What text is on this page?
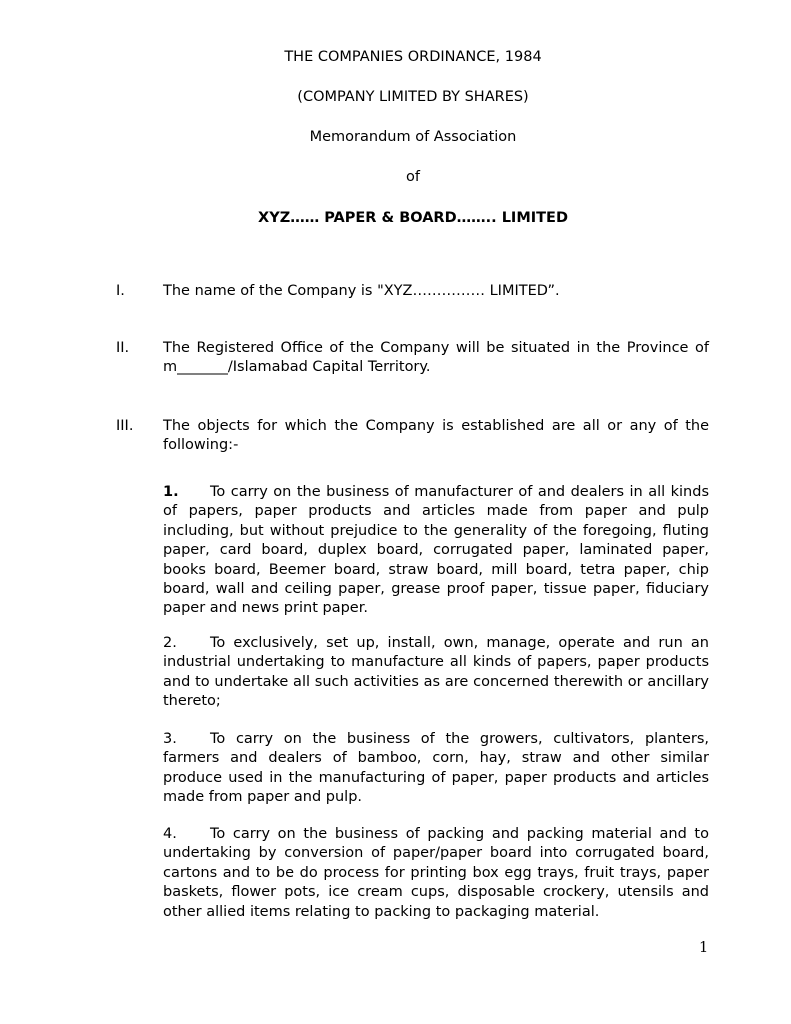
THE COMPANIES ORDINANCE, 1984
(COMPANY LIMITED BY SHARES)
Memorandum of Association
of
XYZ…… PAPER & BOARD…….. LIMITED
I.	The name of the Company is "XYZ…………… LIMITED”.
II. The Registered Office of the Company will be situated in the Province of m_______/Islamabad Capital Territory.
III. The objects for which the Company is established are all or any of the following:-
1. To carry on the business of manufacturer of and dealers in all kinds of papers, paper products and articles made from paper and pulp including, but without prejudice to the generality of the foregoing, fluting paper, card board, duplex board, corrugated paper, laminated paper, books board, Beemer board, straw board, mill board, tetra paper, chip board, wall and ceiling paper, grease proof paper, tissue paper, fiduciary paper and news print paper.
2. To exclusively, set up, install, own, manage, operate and run an industrial undertaking to manufacture all kinds of papers, paper products and to undertake all such activities as are concerned therewith or ancillary thereto;
3. To carry on the business of the growers, cultivators, planters, farmers and dealers of bamboo, corn, hay, straw and other similar produce used in the manufacturing of paper, paper products and articles made from paper and pulp.
4. To carry on the business of packing and packing material and to undertaking by conversion of paper/paper board into corrugated board, cartons and to be do process for printing box egg trays, fruit trays, paper baskets, flower pots, ice cream cups, disposable crockery, utensils and other allied items relating to packing to packaging material.
1
